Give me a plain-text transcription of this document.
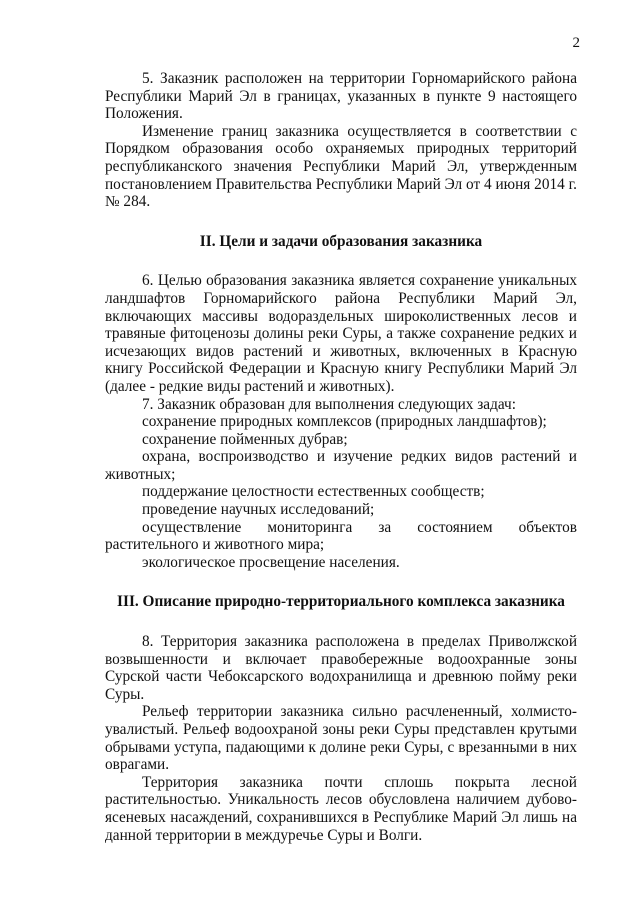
2

5. Заказник расположен на территории Горномарийского района Республики Марий Эл в границах, указанных в пункте 9 настоящего Положения.

Изменение границ заказника осуществляется в соответствии с Порядком образования особо охраняемых природных территорий республиканского значения Республики Марий Эл, утвержденным постановлением Правительства Республики Марий Эл от 4 июня 2014 г. № 284.

II. Цели и задачи образования заказника

6. Целью образования заказника является сохранение уникальных ландшафтов Горномарийского района Республики Марий Эл, включающих массивы водораздельных широколиственных лесов и травяные фитоценозы долины реки Суры, а также сохранение редких и исчезающих видов растений и животных, включенных в Красную книгу Российской Федерации и Красную книгу Республики Марий Эл (далее - редкие виды растений и животных).

7. Заказник образован для выполнения следующих задач:

сохранение природных комплексов (природных ландшафтов);

сохранение пойменных дубрав;

охрана, воспроизводство и изучение редких видов растений и животных;

поддержание целостности естественных сообществ;

проведение научных исследований;

осуществление мониторинга за состоянием объектов растительного и животного мира;

экологическое просвещение населения.

III. Описание природно-территориального комплекса заказника

8. Территория заказника расположена в пределах Приволжской возвышенности и включает правобережные водоохранные зоны Сурской части Чебоксарского водохранилища и древнюю пойму реки Суры.

Рельеф территории заказника сильно расчлененный, холмисто-увалистый. Рельеф водоохраной зоны реки Суры представлен крутыми обрывами уступа, падающими к долине реки Суры, с врезанными в них оврагами.

Территория заказника почти сплошь покрыта лесной растительностью. Уникальность лесов обусловлена наличием дубово-ясеневых насаждений, сохранившихся в Республике Марий Эл лишь на данной территории в междуречье Суры и Волги.
